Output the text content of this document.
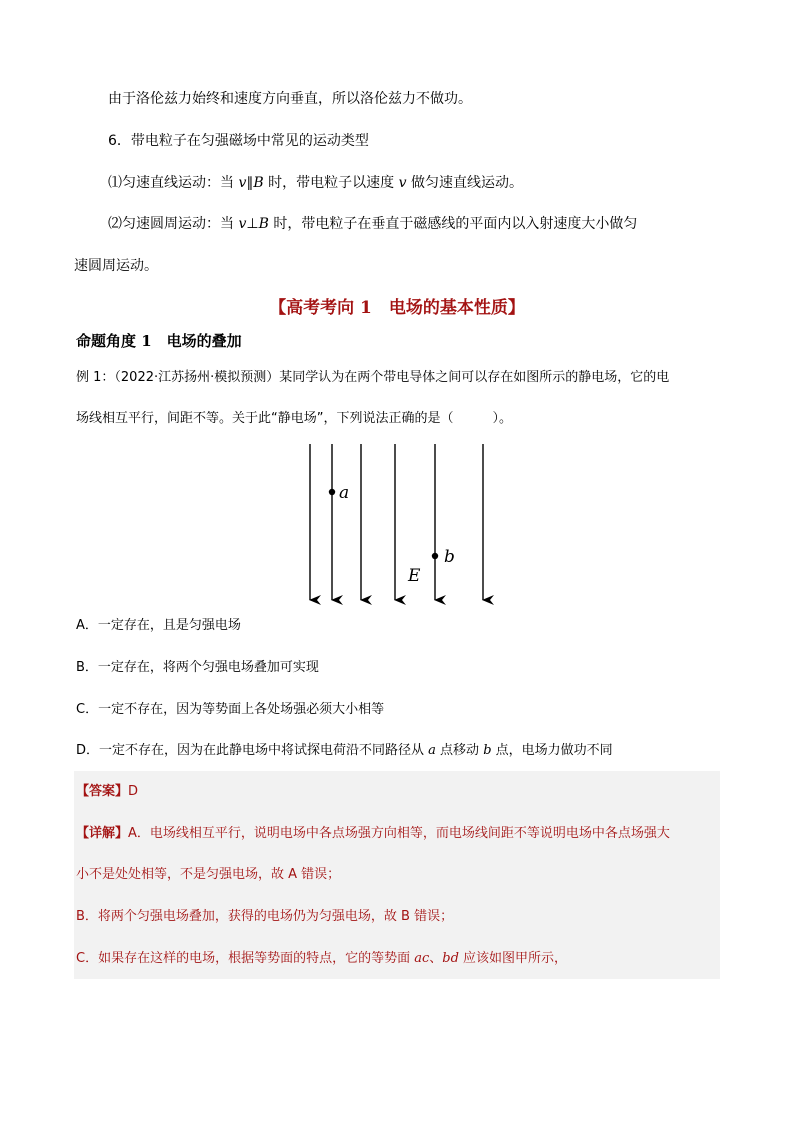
由于洛伦兹力始终和速度方向垂直，所以洛伦兹力不做功。
6．带电粒子在匀强磁场中常见的运动类型
⑴匀速直线运动：当 v∥B 时，带电粒子以速度 v 做匀速直线运动。
⑵匀速圆周运动：当 v⊥B 时，带电粒子在垂直于磁感线的平面内以入射速度大小做匀
速圆周运动。
【高考考向 1　电场的基本性质】
命题角度 1　电场的叠加
例 1：（2022·江苏扬州·模拟预测）某同学认为在两个带电导体之间可以存在如图所示的静电场，它的电
场线相互平行，间距不等。关于此“静电场”，下列说法正确的是（　　　）。
a
b
E
A．一定存在，且是匀强电场
B．一定存在，将两个匀强电场叠加可实现
C．一定不存在，因为等势面上各处场强必须大小相等
D．一定不存在，因为在此静电场中将试探电荷沿不同路径从 a 点移动 b 点，电场力做功不同
【答案】D
【详解】A．电场线相互平行，说明电场中各点场强方向相等，而电场线间距不等说明电场中各点场强大
小不是处处相等，不是匀强电场，故 A 错误；
B．将两个匀强电场叠加，获得的电场仍为匀强电场，故 B 错误；
C．如果存在这样的电场，根据等势面的特点，它的等势面 ac、bd 应该如图甲所示，
